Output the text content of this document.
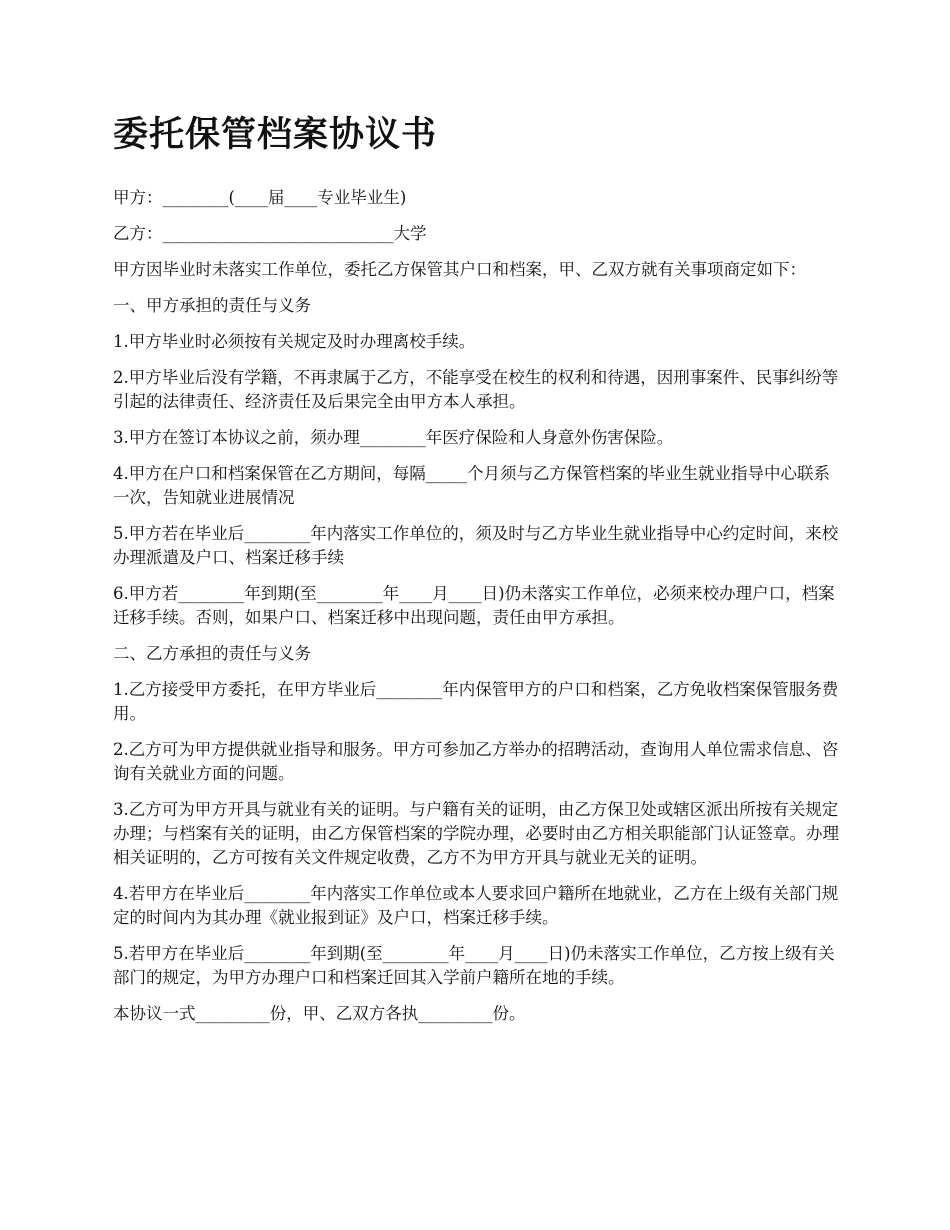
委托保管档案协议书

甲方：________(____届____专业毕业生)

乙方：____________________________大学

甲方因毕业时未落实工作单位，委托乙方保管其户口和档案，甲、乙双方就有关事项商定如下：

一、甲方承担的责任与义务

1.甲方毕业时必须按有关规定及时办理离校手续。

2.甲方毕业后没有学籍，不再隶属于乙方，不能享受在校生的权利和待遇，因刑事案件、民事纠纷等引起的法律责任、经济责任及后果完全由甲方本人承担。

3.甲方在签订本协议之前，须办理________年医疗保险和人身意外伤害保险。

4.甲方在户口和档案保管在乙方期间，每隔_____个月须与乙方保管档案的毕业生就业指导中心联系一次，告知就业进展情况

5.甲方若在毕业后________年内落实工作单位的，须及时与乙方毕业生就业指导中心约定时间，来校办理派遣及户口、档案迁移手续

6.甲方若________年到期(至________年____月____日)仍未落实工作单位，必须来校办理户口，档案迁移手续。否则，如果户口、档案迁移中出现问题，责任由甲方承担。

二、乙方承担的责任与义务

1.乙方接受甲方委托，在甲方毕业后________年内保管甲方的户口和档案，乙方免收档案保管服务费用。

2.乙方可为甲方提供就业指导和服务。甲方可参加乙方举办的招聘活动，查询用人单位需求信息、咨询有关就业方面的问题。

3.乙方可为甲方开具与就业有关的证明。与户籍有关的证明，由乙方保卫处或辖区派出所按有关规定办理；与档案有关的证明，由乙方保管档案的学院办理，必要时由乙方相关职能部门认证签章。办理相关证明的，乙方可按有关文件规定收费，乙方不为甲方开具与就业无关的证明。

4.若甲方在毕业后________年内落实工作单位或本人要求回户籍所在地就业，乙方在上级有关部门规定的时间内为其办理《就业报到证》及户口，档案迁移手续。

5.若甲方在毕业后________年到期(至________年____月____日)仍未落实工作单位，乙方按上级有关部门的规定，为甲方办理户口和档案迁回其入学前户籍所在地的手续。

本协议一式_________份，甲、乙双方各执_________份。
